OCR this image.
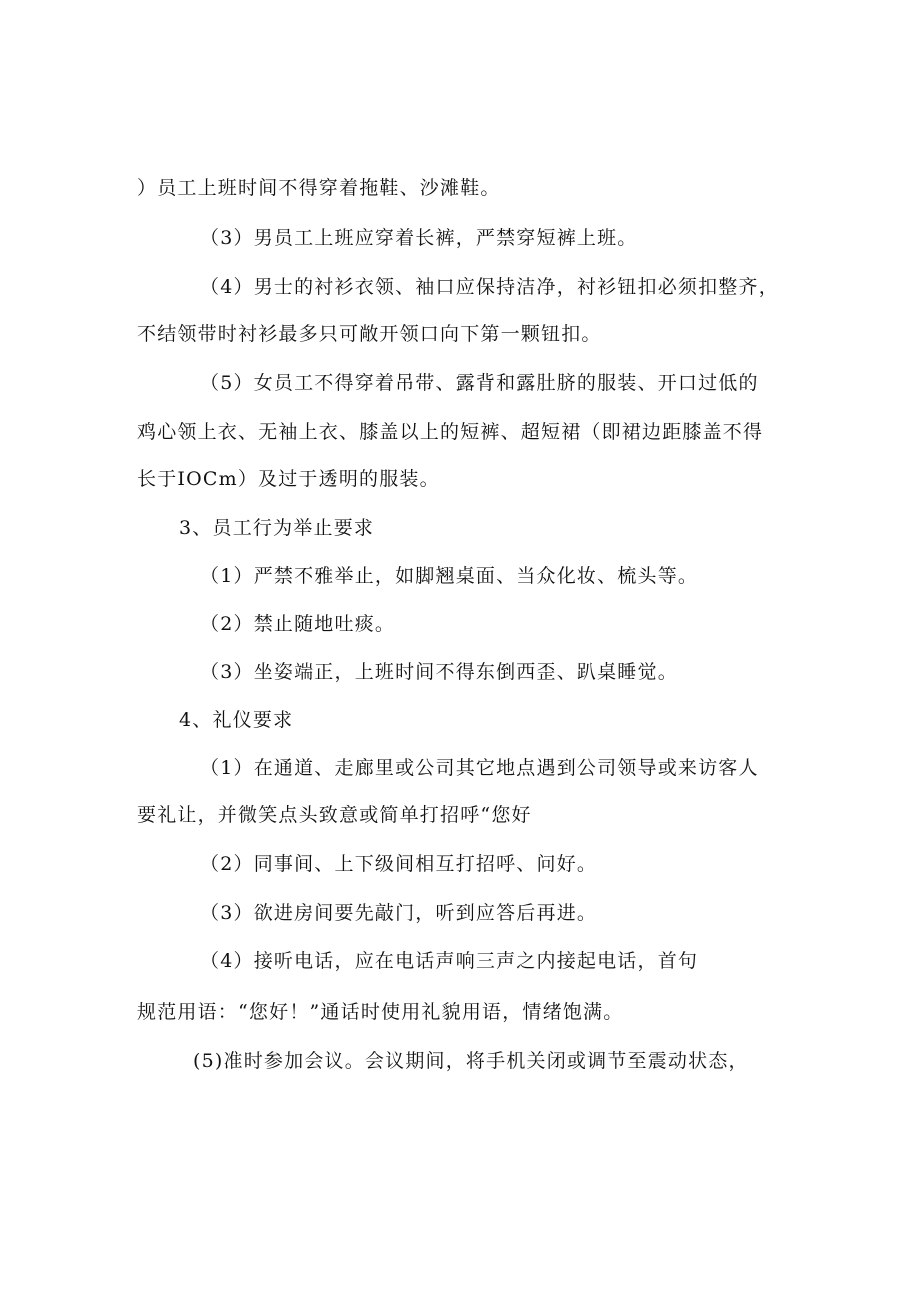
）员工上班时间不得穿着拖鞋、沙滩鞋。
（3）男员工上班应穿着长裤，严禁穿短裤上班。
（4）男士的衬衫衣领、袖口应保持洁净，衬衫钮扣必须扣整齐，
不结领带时衬衫最多只可敞开领口向下第一颗钮扣。
（5）女员工不得穿着吊带、露背和露肚脐的服装、开口过低的
鸡心领上衣、无袖上衣、膝盖以上的短裤、超短裙（即裙边距膝盖不得
长于IOCm）及过于透明的服装。
3、员工行为举止要求
（1）严禁不雅举止，如脚翘桌面、当众化妆、梳头等。
（2）禁止随地吐痰。
（3）坐姿端正，上班时间不得东倒西歪、趴桌睡觉。
4、礼仪要求
（1）在通道、走廊里或公司其它地点遇到公司领导或来访客人
要礼让，并微笑点头致意或简单打招呼“您好
（2）同事间、上下级间相互打招呼、问好。
（3）欲进房间要先敲门，听到应答后再进。
（4）接听电话，应在电话声响三声之内接起电话，首句
规范用语：“您好！”通话时使用礼貌用语，情绪饱满。
(5)准时参加会议。会议期间，将手机关闭或调节至震动状态，
